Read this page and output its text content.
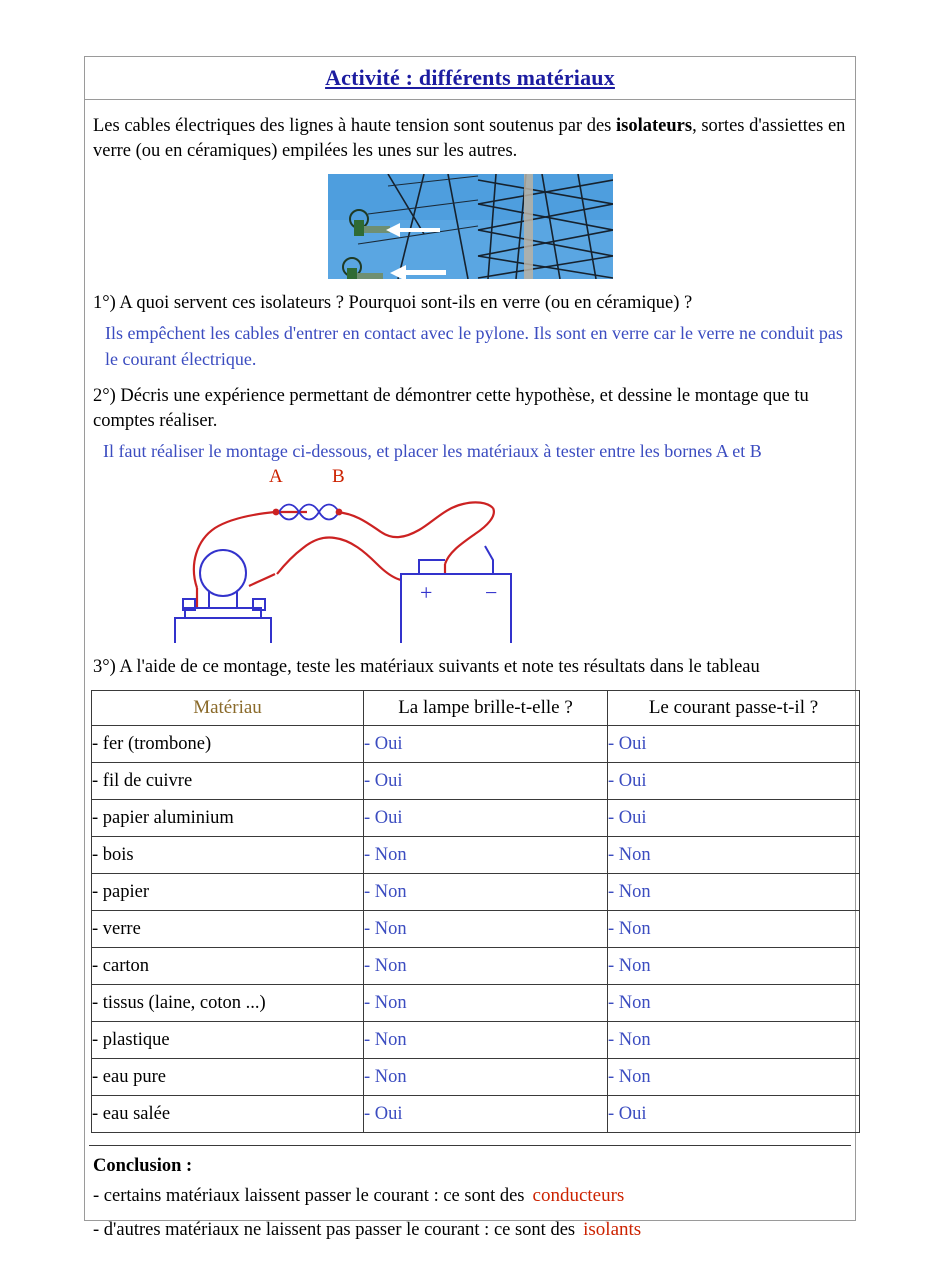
Activité : différents matériaux

Les cables électriques des lignes à haute tension sont soutenus par des isolateurs, sortes d'assiettes en verre (ou en céramiques) empilées les unes sur les autres.

1°) A quoi servent ces isolateurs ? Pourquoi sont-ils en verre (ou en céramique) ?

Ils empêchent les cables d'entrer en contact avec le pylone. Ils sont en verre car le verre ne conduit pas le courant électrique.

2°) Décris une expérience permettant de démontrer cette hypothèse, et dessine le montage que tu comptes réaliser.

Il faut réaliser le montage ci-dessous, et placer les matériaux à tester entre les bornes A et B

+ −
A	B

3°) A l'aide de ce montage, teste les matériaux suivants et note tes résultats dans le tableau

Matériau	La lampe brille-t-elle ?	Le courant passe-t-il ?
- fer (trombone)	- Oui	- Oui
- fil de cuivre	- Oui	- Oui
- papier aluminium	- Oui	- Oui
- bois	- Non	- Non
- papier	- Non	- Non
- verre	- Non	- Non
- carton	- Non	- Non
- tissus (laine, coton ...)	- Non	- Non
- plastique	- Non	- Non
- eau pure	- Non	- Non
- eau salée	- Oui	- Oui
Conclusion :
- certains matériaux laissent passer le courant : ce sont des conducteurs
- d'autres matériaux ne laissent pas passer le courant : ce sont des isolants
